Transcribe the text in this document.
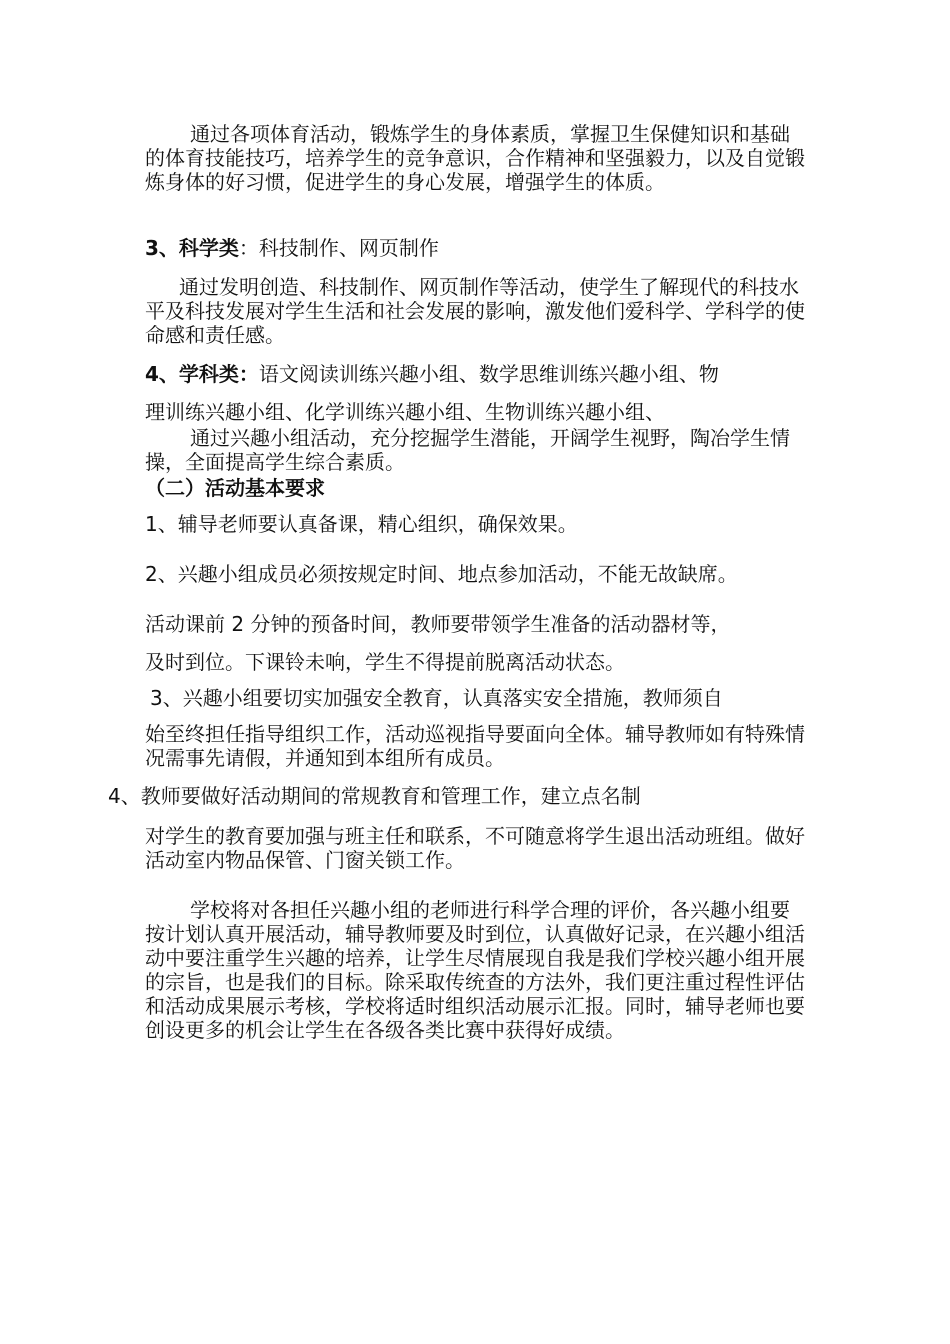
通过各项体育活动，锻炼学生的身体素质，掌握卫生保健知识和基础的体育技能技巧，培养学生的竞争意识，合作精神和坚强毅力，以及自觉锻炼身体的好习惯，促进学生的身心发展，增强学生的体质。

3、科学类：科技制作、网页制作

通过发明创造、科技制作、网页制作等活动，使学生了解现代的科技水平及科技发展对学生生活和社会发展的影响，激发他们爱科学、学科学的使命感和责任感。

4、学科类：语文阅读训练兴趣小组、数学思维训练兴趣小组、物

理训练兴趣小组、化学训练兴趣小组、生物训练兴趣小组、

通过兴趣小组活动，充分挖掘学生潜能，开阔学生视野，陶冶学生情操，全面提高学生综合素质。

（二）活动基本要求

1、辅导老师要认真备课，精心组织，确保效果。

2、兴趣小组成员必须按规定时间、地点参加活动，不能无故缺席。

活动课前 2 分钟的预备时间，教师要带领学生准备的活动器材等，

及时到位。下课铃未响，学生不得提前脱离活动状态。

3、兴趣小组要切实加强安全教育，认真落实安全措施，教师须自

始至终担任指导组织工作，活动巡视指导要面向全体。辅导教师如有特殊情况需事先请假，并通知到本组所有成员。

4、教师要做好活动期间的常规教育和管理工作，建立点名制

对学生的教育要加强与班主任和联系，不可随意将学生退出活动班组。做好活动室内物品保管、门窗关锁工作。

学校将对各担任兴趣小组的老师进行科学合理的评价，各兴趣小组要按计划认真开展活动，辅导教师要及时到位，认真做好记录，在兴趣小组活动中要注重学生兴趣的培养，让学生尽情展现自我是我们学校兴趣小组开展的宗旨，也是我们的目标。除采取传统查的方法外，我们更注重过程性评估和活动成果展示考核，学校将适时组织活动展示汇报。同时，辅导老师也要创设更多的机会让学生在各级各类比赛中获得好成绩。
